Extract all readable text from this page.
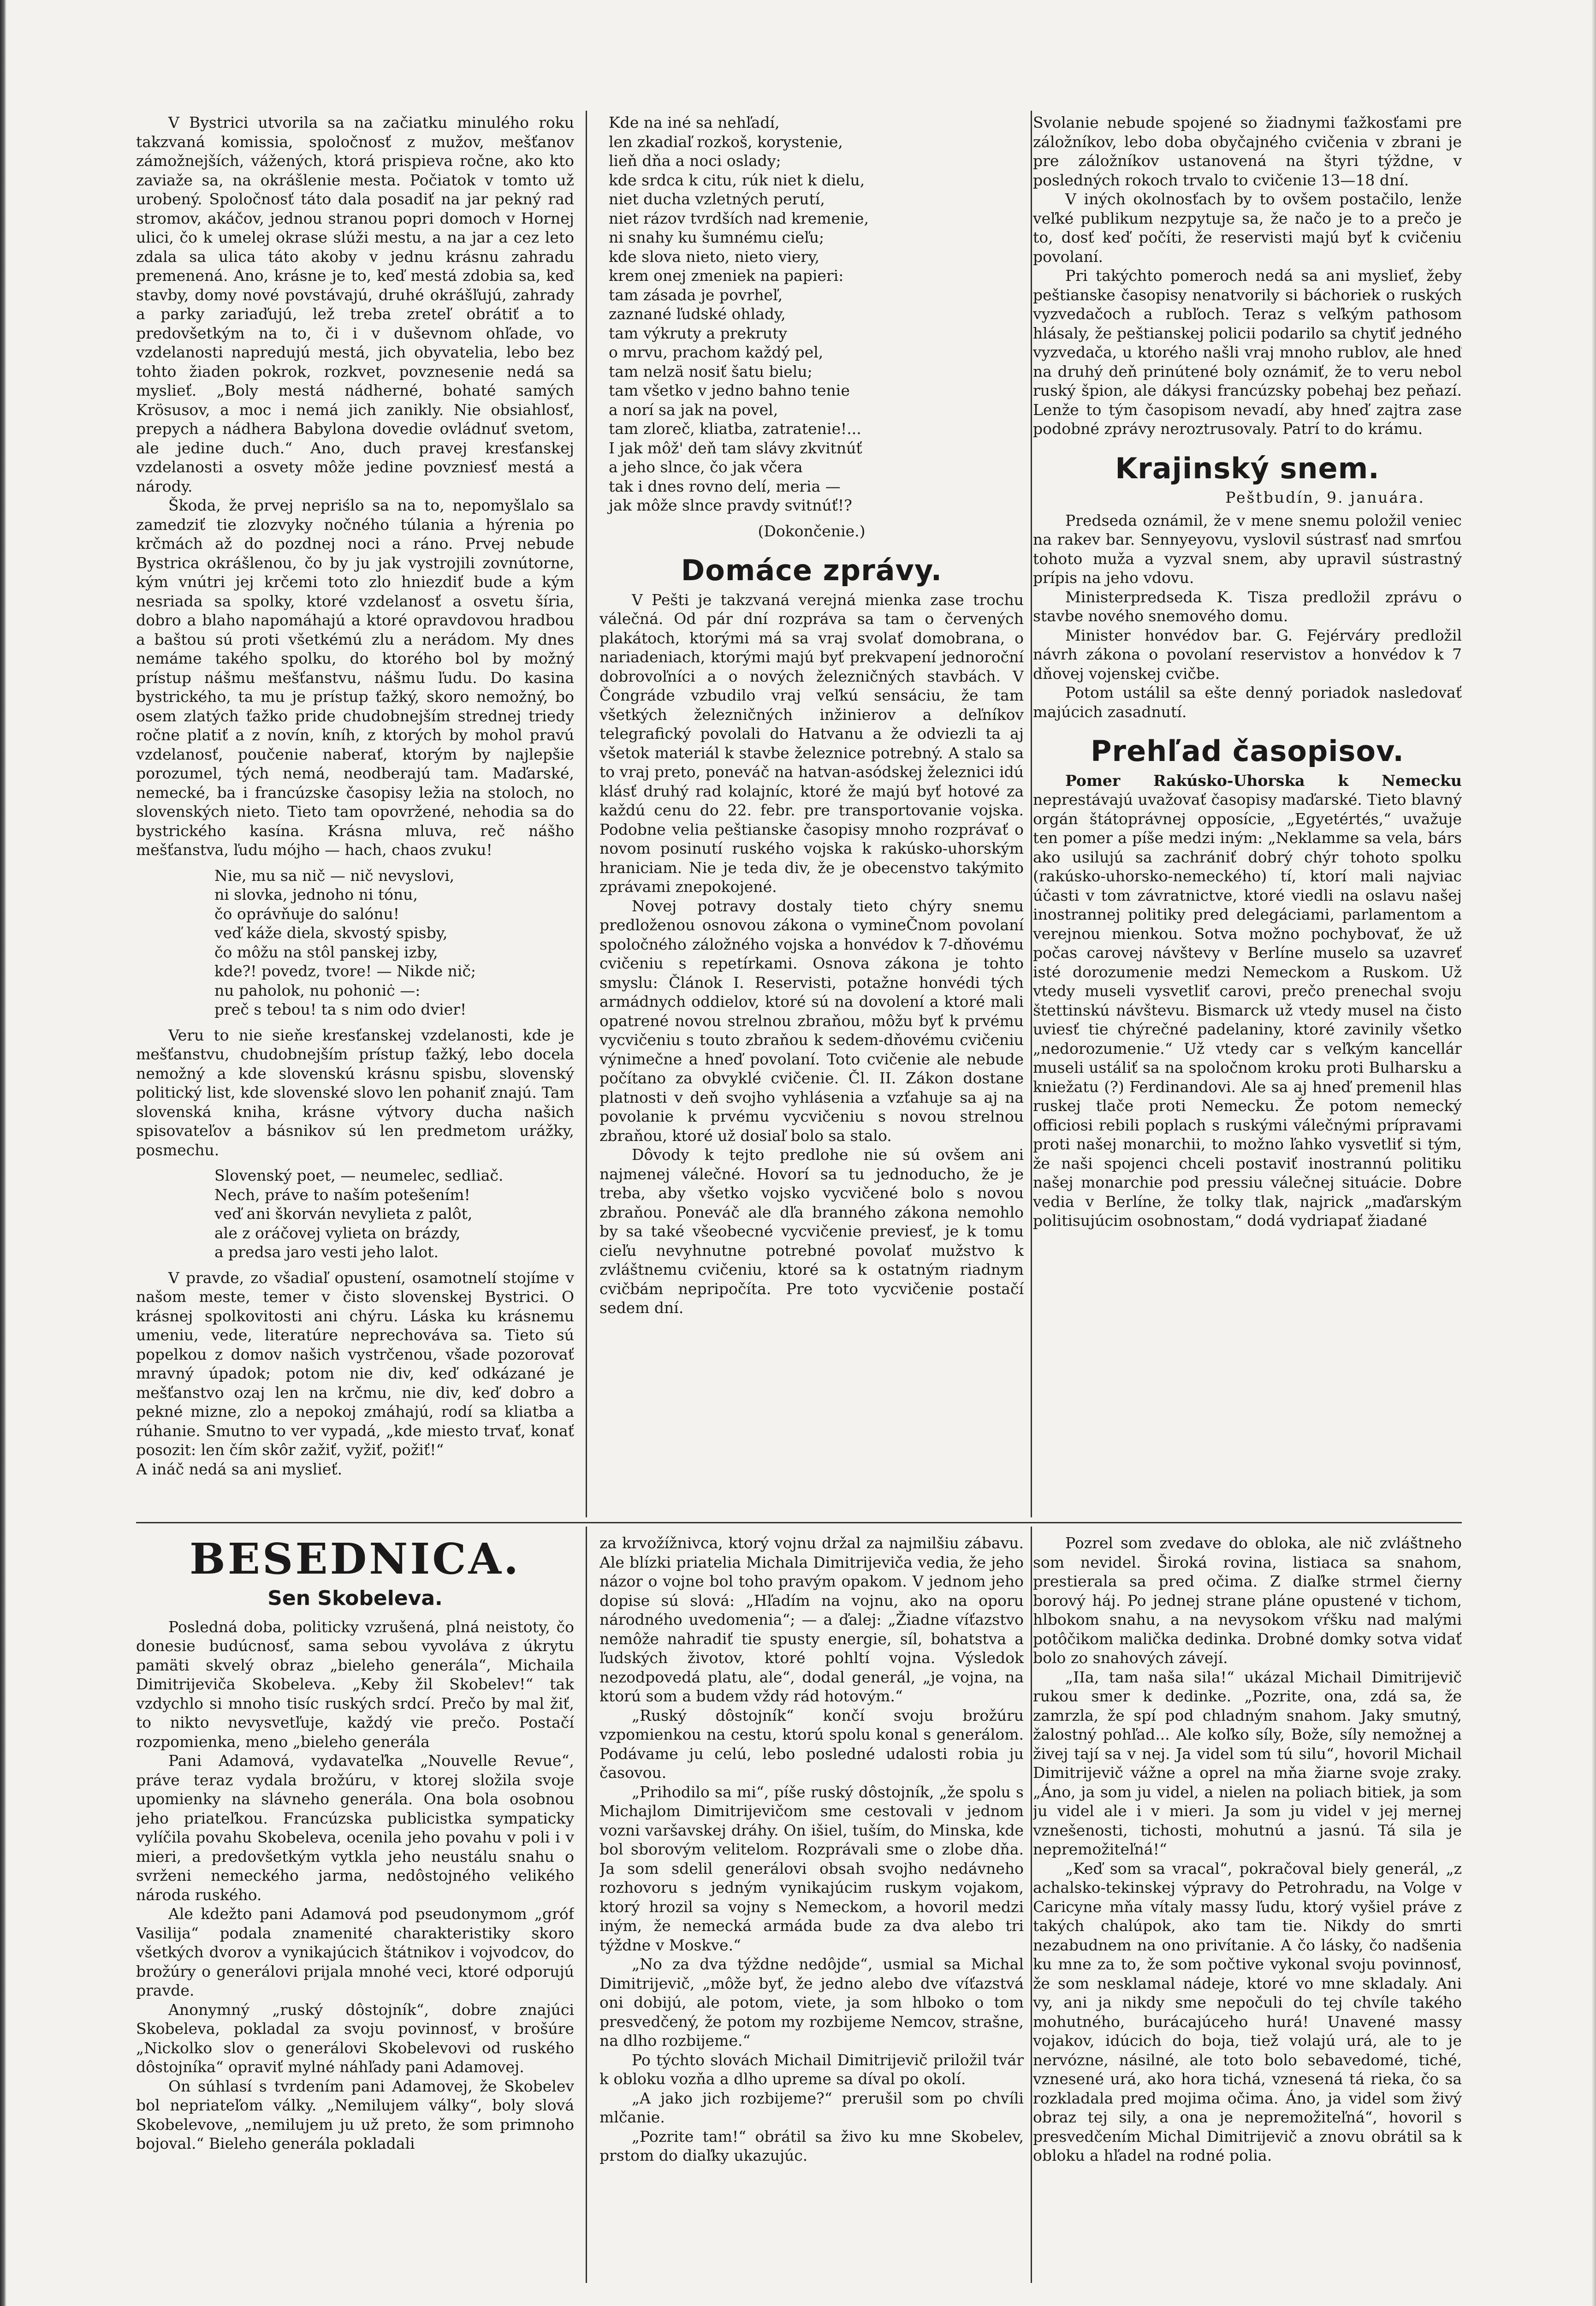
V Bystrici utvorila sa na začiatku minulého roku takzvaná komissia, spoločnosť z mužov, mešťanov zámožnejších, vážených, ktorá prispieva ročne, ako kto zaviaže sa, na okrášlenie mesta. Počiatok v tomto už urobený. Spoločnosť táto dala posadiť na jar pekný rad stromov, akáčov, jednou stranou popri domoch v Hornej ulici, čo k umelej okrase slúži mestu, a na jar a cez leto zdala sa ulica táto akoby v jednu krásnu zahradu premenená. Ano, krásne je to, keď mestá zdobia sa, keď stavby, domy nové povstávajú, druhé okrášľujú, zahrady a parky zariaďujú, lež treba zreteľ obrátiť a to predovšetkým na to, či i v duševnom ohľade, vo vzdelanosti napredujú mestá, jich obyvatelia, lebo bez tohto žiaden pokrok, rozkvet, povznesenie nedá sa myslieť. „Boly mestá nádherné, bohaté samých Krösusov, a moc i nemá jich zanikly. Nie obsiahlosť, prepych a nádhera Babylona dovedie ovládnuť svetom, ale jedine duch.“ Ano, duch pravej kresťanskej vzdelanosti a osvety môže jedine povzniesť mestá a národy.

Škoda, že prvej nepriślo sa na to, nepomyšlalo sa zamedziť tie zlozvyky nočného túlania a hýrenia po krčmách až do pozdnej noci a ráno. Prvej nebude Bystrica okrášlenou, čo by ju jak vystrojili zovnútorne, kým vnútri jej krčemi toto zlo hniezdiť bude a kým nesriada sa spolky, ktoré vzdelanosť a osvetu šíria, dobro a blaho napomáhajú a ktoré opravdovou hradbou a baštou sú proti všetkémú zlu a nerádom. My dnes nemáme takého spolku, do ktorého bol by možný prístup nášmu mešťanstvu, nášmu ľudu. Do kasina bystrického, ta mu je prístup ťažký, skoro nemožný, bo osem zlatých ťažko pride chudobnejším strednej triedy ročne platiť a z novín, kníh, z ktorých by mohol pravú vzdelanosť, poučenie naberať, ktorým by najlepšie porozumel, tých nemá, neodberajú tam. Maďarské, nemecké, ba i francúzske časopisy ležia na stoloch, no slovenských nieto. Tieto tam opovržené, nehodia sa do bystrického kasína. Krásna mluva, reč nášho mešťanstva, ľudu mójho — hach, chaos zvuku!

Nie, mu sa nič — nič nevyslovi,
ni slovka, jednoho ni tónu,
čo oprávňuje do salónu!
veď káže diela, skvostý spisby,
čo môžu na stôl panskej izby,
kde?! povedz, tvore! — Nikde nič;
nu paholok, nu pohoniċ —:
preč s tebou! ta s nim odo dvier!

Veru to nie sieňe kresťanskej vzdelanosti, kde je mešťanstvu, chudobnejším prístup ťažký, lebo docela nemožný a kde slovenskú krásnu spisbu, slovenský politický list, kde slovenské slovo len pohaniť znajú. Tam slovenská kniha, krásne výtvory ducha našich spisovateľov a básnikov sú len predmetom urážky, posmechu.

Slovenský poet, — neumelec, sedliač.
Nech, práve to naším potešením!
veď ani škorván nevylieta z palôt,
ale z oráčovej vylieta on brázdy,
a predsa jaro vesti jeho lalot.

V pravde, zo všadiaľ opustení, osamotnelí stojíme v našom meste, temer v čisto slovenskej Bystrici. O krásnej spolkovitosti ani chýru. Láska ku krásnemu umeniu, vede, literatúre neprechováva sa. Tieto sú popelkou z domov našich vystrčenou, všade pozorovať mravný úpadok; potom nie div, keď odkázané je mešťanstvo ozaj len na krčmu, nie div, keď dobro a pekné mizne, zlo a nepokoj zmáhajú, rodí sa kliatba a rúhanie. Smutno to ver vypadá, „kde miesto trvať, konať posozit: len čím skôr zažiť, vyžiť, požiť!“

A ináč nedá sa ani myslieť.

Kde na iné sa nehľadí,
len zkadiaľ rozkoš, korystenie,
lieň dňa a noci oslady;
kde srdca k citu, rúk niet k dielu,
niet ducha vzletných perutí,
niet rázov tvrdších nad kremenie,
ni snahy ku šumnému cieľu;
kde slova nieto, nieto viery,
krem onej zmeniek na papieri:
tam zásada je povrheľ,
zaznané ľudské ohlady,
tam výkruty a prekruty
o mrvu, prachom každý pel,
tam nelzä nosiť šatu bielu;
tam všetko v jedno bahno tenie
a norí sa jak na povel,
tam zloreč, kliatba, zatratenie!...
I jak môž' deň tam slávy zkvitnúť
a jeho slnce, čo jak včera
tak i dnes rovno delí, meria —
jak môže slnce pravdy svitnúť!?
(Dokončenie.)
Domáce zprávy.

V Pešti je takzvaná verejná mienka zase trochu válečná. Od pár dní rozpráva sa tam o červených plakátoch, ktorými má sa vraj svolať domobrana, o nariadeniach, ktorými majú byť prekvapení jednoroční dobrovoľníci a o nových železničných stavbách. V Čongráde vzbudilo vraj veľkú sensáciu, že tam všetkých železničných inžinierov a deľníkov telegrafický povolali do Hatvanu a že odviezli ta aj všetok materiál k stavbe železnice potrebný. A stalo sa to vraj preto, poneváč na hatvan-asódskej železnici idú klásť druhý rad kolajníc, ktoré že majú byť hotové za každú cenu do 22. febr. pre transportovanie vojska. Podobne velia peštianske časopisy mnoho rozprávať o novom posinutí ruského vojska k rakúsko-uhorským hraniciam. Nie je teda div, že je obecenstvo takýmito zprávami znepokojené.

Novej potravy dostaly tieto chýry snemu predloženou osnovou zákona o vymineČnom povolaní spoločného záložného vojska a honvédov k 7-dňovému cvičeniu s repetírkami. Osnova zákona je tohto smyslu: Článok I. Reservisti, potažne honvédi tých armádnych oddielov, ktoré sú na dovolení a ktoré mali opatrené novou strelnou zbraňou, môžu byť k prvému vycvičeniu s touto zbraňou k sedem-dňovému cvičeniu výnimečne a hneď povolaní. Toto cvičenie ale nebude počítano za obvyklé cvičenie. Čl. II. Zákon dostane platnosti v deň svojho vyhlásenia a vzťahuje sa aj na povolanie k prvému vycvičeniu s novou strelnou zbraňou, ktoré už dosiaľ bolo sa stalo.

Dôvody k tejto predlohe nie sú ovšem ani najmenej válečné. Hovorí sa tu jednoducho, že je treba, aby všetko vojsko vycvičené bolo s novou zbraňou. Poneváč ale dľa branného zákona nemohlo by sa také všeobecné vycvičenie previesť, je k tomu cieľu nevyhnutne potrebné povolať mužstvo k zvláštnemu cvičeniu, ktoré sa k ostatným riadnym cvičbám nepripočíta. Pre toto vycvičenie postačí sedem dní.

Svolanie nebude spojené so žiadnymi ťažkosťami pre záložníkov, lebo doba obyčajného cvičenia v zbrani je pre záložníkov ustanovená na štyri týždne, v posledných rokoch trvalo to cvičenie 13—18 dní.

V iných okolnosťach by to ovšem postačilo, lenže veľké publikum nezpytuje sa, že načo je to a prečo je to, dosť keď počíti, že reservisti majú byť k cvičeniu povolaní.

Pri takýchto pomeroch nedá sa ani myslieť, žeby peštianske časopisy nenatvorily si báchoriek o ruských vyzvedačoch a rubľoch. Teraz s veľkým pathosom hlásaly, že peštianskej policii podarilo sa chytiť jedného vyzvedača, u ktorého našli vraj mnoho rublov, ale hneď na druhý deň prinútené boly oznámiť, že to veru nebol ruský špion, ale dákysi francúzsky pobehaj bez peňazí. Lenže to tým časopisom nevadí, aby hneď zajtra zase podobné zprávy neroztrusovaly. Patrí to do krámu.

Krajinský snem.
Peštbudín, 9. januára.

Predseda oznámil, že v mene snemu položil veniec na rakev bar. Sennyeyovu, vyslovil sústrasť nad smrťou tohoto muža a vyzval snem, aby upravil sústrastný prípis na jeho vdovu.

Ministerpredseda K. Tisza predložil zprávu o stavbe nového snemového domu.

Minister honvédov bar. G. Fejérváry predložil návrh zákona o povolaní reservistov a honvédov k 7 dňovej vojenskej cvičbe.

Potom ustálil sa ešte denný poriadok nasledovať majúcich zasadnutí.

Prehľad časopisov.

Pomer Rakúsko-Uhorska k Nemecku neprestávajú uvažovať časopisy maďarské. Tieto blavný orgán štátoprávnej opposície, „Egyetértés,“ uvažuje ten pomer a píše medzi iným: „Neklamme sa vela, bárs ako usilujú sa zachrániť dobrý chýr tohoto spolku (rakúsko-uhorsko-nemeckého) tí, ktorí mali najviac účasti v tom závratnictve, ktoré viedli na oslavu našej inostrannej politiky pred delegáciami, parlamentom a verejnou mienkou. Sotva možno pochybovať, že už počas carovej návštevy v Berlíne muselo sa uzavreť isté dorozumenie medzi Nemeckom a Ruskom. Už vtedy museli vysvetliť carovi, prečo prenechal svoju štettinskú návštevu. Bismarck už vtedy musel na čisto uviesť tie chýrečné padelaniny, ktoré zavinily všetko „nedorozumenie.“ Už vtedy car s veľkým kancellár museli ustáliť sa na spoločnom kroku proti Bulharsku a kniežatu (?) Ferdinandovi. Ale sa aj hneď premenil hlas ruskej tlače proti Nemecku. Že potom nemecký officiosi rebili poplach s ruskými válečnými prípravami proti našej monarchii, to možno ľahko vysvetliť si tým, že naši spojenci chceli postaviť inostrannú politiku našej monarchie pod pressiu válečnej situácie. Dobre vedia v Berlíne, že tolky tlak, najrick „maďarským politisujúcim osobnostam,“ dodá vydriapať žiadané

BESEDNICA.
Sen Skobeleva.

Posledná doba, politicky vzrušená, plná neistoty, čo donesie budúcnosť, sama sebou vyvoláva z úkrytu pamäti skvelý obraz „bieleho generála“, Michaila Dimitrijeviča Skobeleva. „Keby žil Skobelev!“ tak vzdychlo si mnoho tisíc ruských srdcí. Prečo by mal žiť, to nikto nevysvetľuje, každý vie prečo. Postačí rozpomienka, meno „bieleho generála

Pani Adamová, vydavateľka „Nouvelle Revue“, práve teraz vydala brožúru, v ktorej složila svoje upomienky na slávneho generála. Ona bola osobnou jeho priateľkou. Francúzska publicistka sympaticky vylíčila povahu Skobeleva, ocenila jeho povahu v poli i v mieri, a predovšetkým vytkla jeho neustálu snahu o svrženi nemeckého jarma, nedôstojného velikého národa ruského.

Ale kdežto pani Adamová pod pseudonymom „gróf Vasilija“ podala znamenité charakteristiky skoro všetkých dvorov a vynikajúcich štátnikov i vojvodcov, do brožúry o generálovi prijala mnohé veci, ktoré odporujú pravde.

Anonymný „ruský dôstojník“, dobre znajúci Skobeleva, pokladal za svoju povinnosť, v brošúre „Nickolko slov o generálovi Skobelevovi od ruského dôstojníka“ opraviť mylné náhľady pani Adamovej.

On súhlasí s tvrdením pani Adamovej, že Skobelev bol nepriateľom války. „Nemilujem války“, boly slová Skobelevove, „nemilujem ju už preto, že som primnoho bojoval.“ Bieleho generála pokladali

za krvožížnivca, ktorý vojnu držal za najmilšiu zábavu. Ale blízki priatelia Michala Dimitrijeviča vedia, že jeho názor o vojne bol toho pravým opakom. V jednom jeho dopise sú slová: „Hľadím na vojnu, ako na oporu národného uvedomenia“; — a ďalej: „Žiadne víťazstvo nemôže nahradiť tie spusty energie, síl, bohatstva a ľudských životov, ktoré pohltí vojna. Výsledok nezodpovedá platu, ale“, dodal generál, „je vojna, na ktorú som a budem vždy rád hotovým.“

„Ruský dôstojník“ končí svoju brožúru vzpomienkou na cestu, ktorú spolu konal s generálom. Podávame ju celú, lebo posledné udalosti robia ju časovou.

„Prihodilo sa mi“, píše ruský dôstojník, „že spolu s Michajlom Dimitrijevičom sme cestovali v jednom vozni varšavskej dráhy. On išiel, tuším, do Minska, kde bol sborovým velitelom. Rozprávali sme o zlobe dňa. Ja som sdelil generálovi obsah svojho nedávneho rozhovoru s jedným vynikajúcim ruskym vojakom, ktorý hrozil sa vojny s Nemeckom, a hovoril medzi iným, že nemecká armáda bude za dva alebo tri týždne v Moskve.“

„No za dva týždne nedôjde“, usmial sa Michal Dimitrijevič, „môže byť, že jedno alebo dve víťazstvá oni dobijú, ale potom, viete, ja som hlboko o tom presvedčený, že potom my rozbijeme Nemcov, strašne, na dlho rozbijeme.“

Po týchto slovách Michail Dimitrijevič priložil tvár k obloku vozňa a dlho upreme sa díval po okolí.

„A jako jich rozbijeme?“ prerušil som po chvíli mlčanie.

„Pozrite tam!“ obrátil sa živo ku mne Skobelev, prstom do diaľky ukazujúc.

Pozrel som zvedave do obloka, ale nič zvláštneho som nevidel. Široká rovina, listiaca sa snahom, prestierala sa pred očima. Z diaľke strmel čierny borový háj. Po jednej strane pláne opustené v tichom, hlbokom snahu, a na nevysokom vŕšku nad malými potôčikom malička dedinka. Drobné domky sotva vidať bolo zo snahových závejí.

„IIa, tam naša sila!“ ukázal Michail Dimitrijevič rukou smer k dedinke. „Pozrite, ona, zdá sa, že zamrzla, že spí pod chladným snahom. Jaky smutný, žalostný pohľad... Ale koľko síly, Bože, síly nemožnej a živej tají sa v nej. Ja videl som tú silu“, hovoril Michail Dimitrijevič vážne a oprel na mňa žiarne svoje zraky. „Áno, ja som ju videl, a nielen na poliach bitiek, ja som ju videl ale i v mieri. Ja som ju videl v jej mernej vznešenosti, tichosti, mohutnú a jasnú. Tá sila je nepremožiteľná!“

„Keď som sa vracal“, pokračoval biely generál, „z achalsko-tekinskej výpravy do Petrohradu, na Volge v Caricyne mňa vítaly massy ľudu, ktorý vyšiel práve z takých chalúpok, ako tam tie. Nikdy do smrti nezabudnem na ono privítanie. A čo lásky, čo nadšenia ku mne za to, že som počtive vykonal svoju povinnosť, že som nesklamal nádeje, ktoré vo mne skladaly. Ani vy, ani ja nikdy sme nepočuli do tej chvíle takého mohutného, burácajúceho hurá! Unavené massy vojakov, idúcich do boja, tiež volajú urá, ale to je nervózne, násilné, ale toto bolo sebavedomé, tiché, vznesené urá, ako hora tichá, vznesená tá rieka, čo sa rozkladala pred mojima očima. Áno, ja videl som živý obraz tej sily, a ona je nepremožiteľná“, hovoril s presvedčením Michal Dimitrijevič a znovu obrátil sa k obloku a hľadel na rodné polia.
